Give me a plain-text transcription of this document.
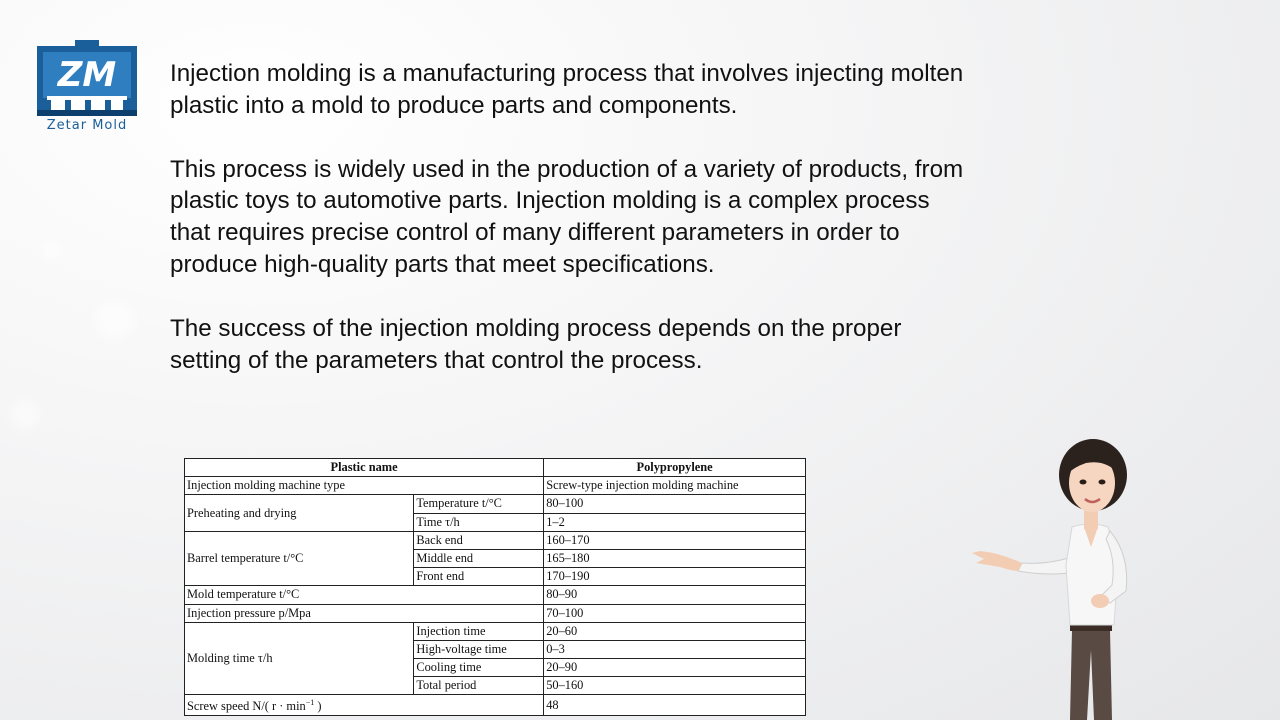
ZM
Zetar Mold

Injection molding is a manufacturing process that involves injecting molten plastic into a mold to produce parts and components.

This process is widely used in the production of a variety of products, from plastic toys to automotive parts. Injection molding is a complex process that requires precise control of many different parameters in order to produce high-quality parts that meet specifications.

The success of the injection molding process depends on the proper setting of the parameters that control the process.

Plastic name		Polypropylene
Injection molding machine type		Screw-type injection molding machine
Preheating and drying	Temperature t/°C	80–100
	Time τ/h	1–2
Barrel temperature t/°C	Back end	160–170
	Middle end	165–180
	Front end	170–190
Mold temperature t/°C		80–90
Injection pressure p/Mpa		70–100
Molding time τ/h	Injection time	20–60
	High-voltage time	0–3
	Cooling time	20–90
	Total period	50–160
Screw speed N/( $r \cdot \min^{-1}$ )		48
